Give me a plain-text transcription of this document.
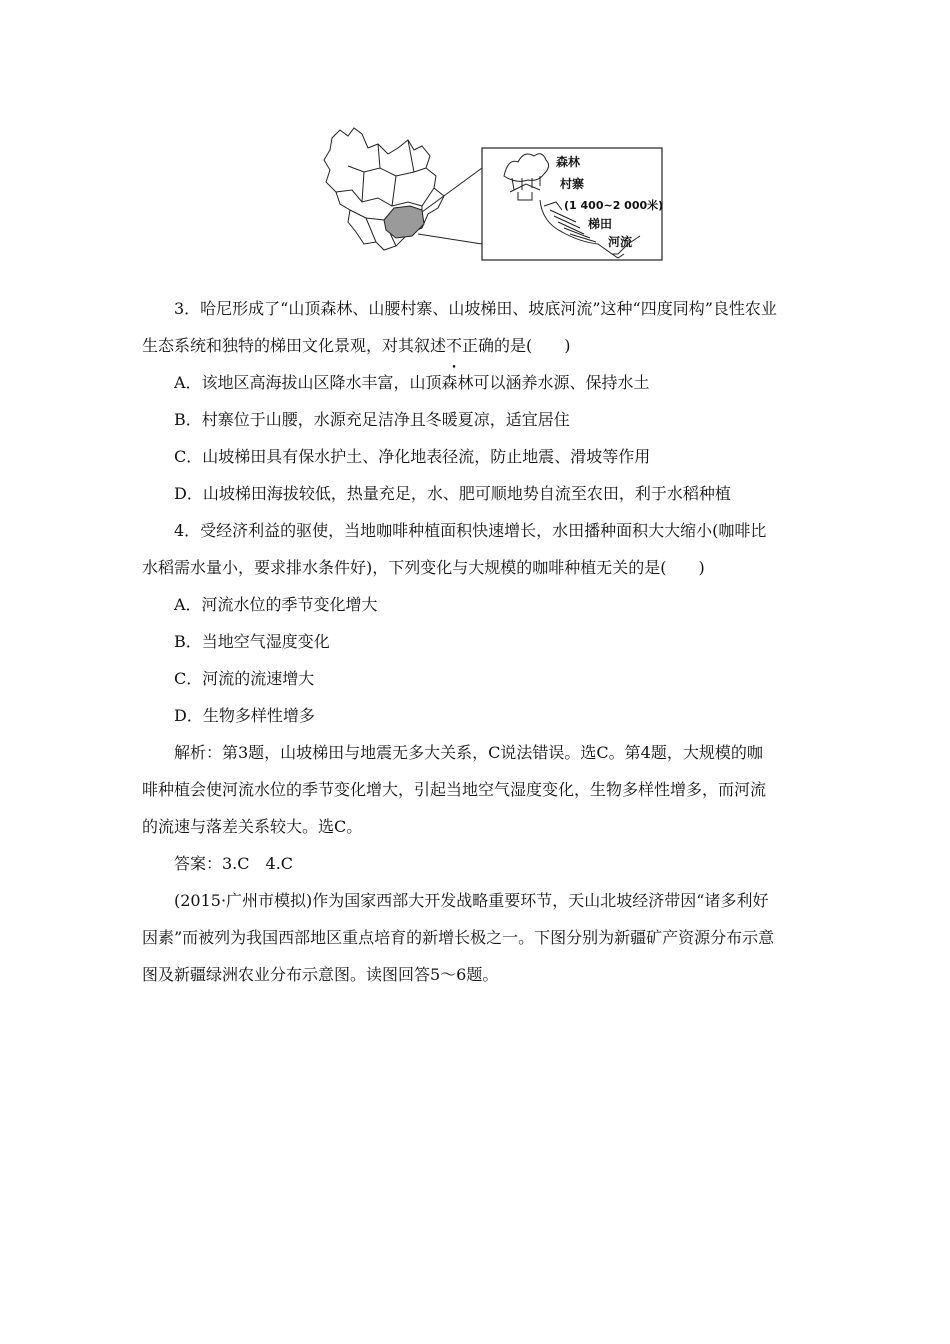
森林
村寨
(1 400~2 000米)
梯田
河流

3．哈尼形成了“山顶森林、山腰村寨、山坡梯田、坡底河流”这种“四度同构”良性农业

生态系统和独特的梯田文化景观，对其叙述不正确的是(　　)

A．该地区高海拔山区降水丰富，山顶森林可以涵养水源、保持水土

B．村寨位于山腰，水源充足洁净且冬暖夏凉，适宜居住

C．山坡梯田具有保水护土、净化地表径流，防止地震、滑坡等作用

D．山坡梯田海拔较低，热量充足，水、肥可顺地势自流至农田，利于水稻种植

4．受经济利益的驱使，当地咖啡种植面积快速增长，水田播种面积大大缩小(咖啡比

水稻需水量小，要求排水条件好)，下列变化与大规模的咖啡种植无关的是(　　)

A．河流水位的季节变化增大

B．当地空气湿度变化

C．河流的流速增大

D．生物多样性增多

解析：第3题，山坡梯田与地震无多大关系，C说法错误。选C。第4题，大规模的咖

啡种植会使河流水位的季节变化增大，引起当地空气湿度变化，生物多样性增多，而河流

的流速与落差关系较大。选C。

答案：3.C　4.C

(2015·广州市模拟)作为国家西部大开发战略重要环节，天山北坡经济带因“诸多利好

因素”而被列为我国西部地区重点培育的新增长极之一。下图分别为新疆矿产资源分布示意

图及新疆绿洲农业分布示意图。读图回答5～6题。
